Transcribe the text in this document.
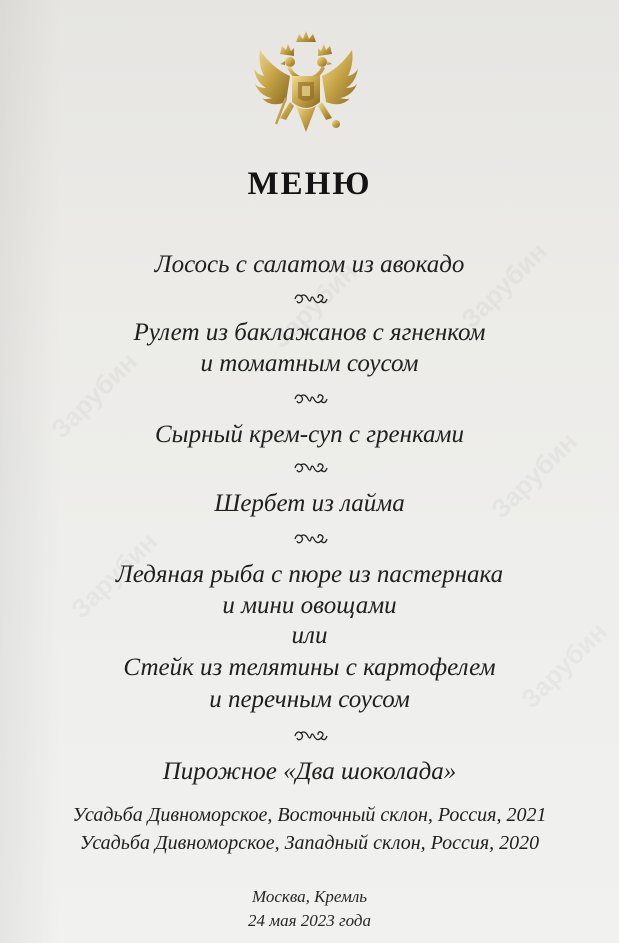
Зарубин
Зарубин
Зарубин
Зарубин
Зарубин
Зарубин
МЕНЮ
Лосось с салатом из авокадо
Рулет из баклажанов с ягненком
и томатным соусом
Сырный крем-суп с гренками
Шербет из лайма
Ледяная рыба с пюре из пастернака
и мини овощами
или
Стейк из телятины с картофелем
и перечным соусом
Пирожное «Два шоколада»
Усадьба Дивноморское, Восточный склон, Россия, 2021
Усадьба Дивноморское, Западный склон, Россия, 2020
Москва, Кремль
24 мая 2023 года
